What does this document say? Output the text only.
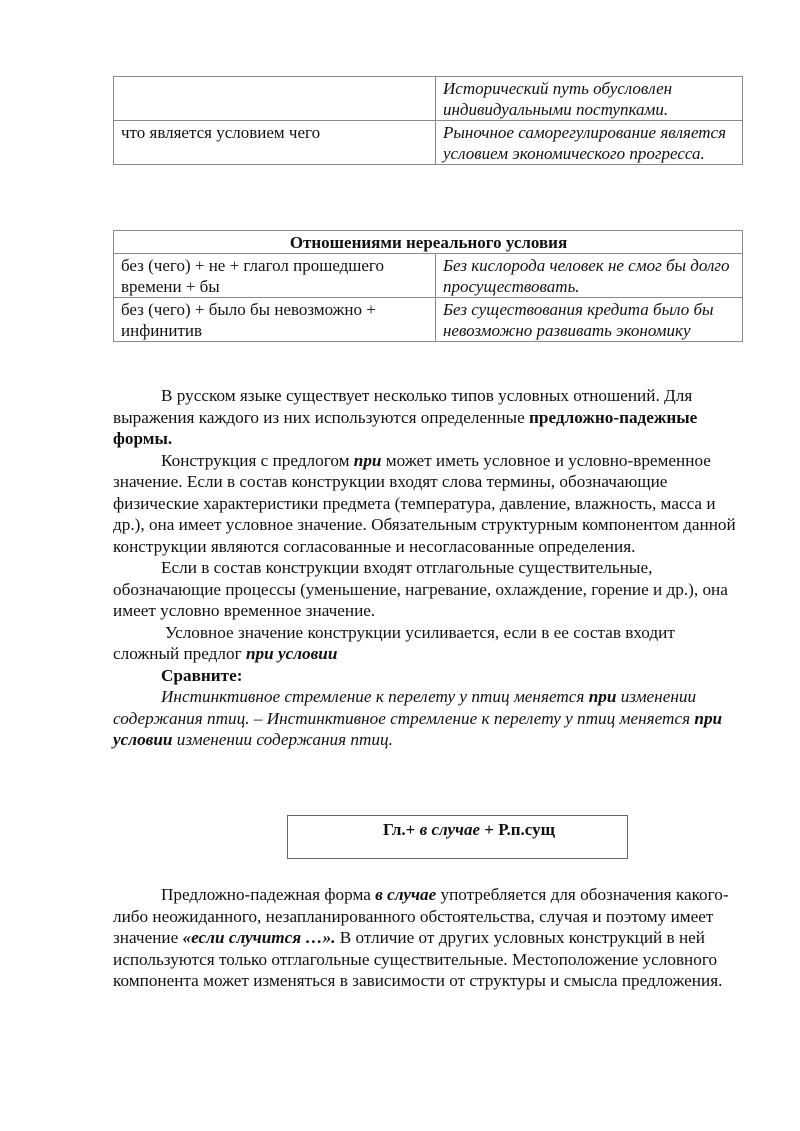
	Исторический путь обусловлен индивидуальными поступками.
что является условием чего	Рыночное саморегулирование является условием экономического прогресса.
Отношениями нереального условия	
без (чего) + не + глагол прошедшего времени + бы	Без кислорода человек не смог бы долго просуществовать.
без (чего) + было бы невозможно + инфинитив	Без существования кредита было бы невозможно развивать экономику

В русском языке существует несколько типов условных отношений. Для выражения каждого из них используются определенные предложно-падежные формы.

Конструкция с предлогом при может иметь условное и условно-временное значение. Если в состав конструкции входят слова термины, обозначающие физические характеристики предмета (температура, давление, влажность, масса и др.), она имеет условное значение. Обязательным структурным компонентом данной конструкции являются согласованные и несогласованные определения.

Если в состав конструкции входят отглагольные существительные, обозначающие процессы (уменьшение, нагревание, охлаждение, горение и др.), она имеет условно временное значение.

Условное значение конструкции усиливается, если в ее состав входит сложный предлог при условии

Сравните:

Инстинктивное стремление к перелету у птиц меняется при изменении содержания птиц. – Инстинктивное стремление к перелету у птиц меняется при условии изменении содержания птиц.

Гл.+ в случае + Р.п.сущ

Предложно-падежная форма в случае употребляется для обозначения какого-либо неожиданного, незапланированного обстоятельства, случая и поэтому имеет значение «если случится …». В отличие от других условных конструкций в ней используются только отглагольные существительные. Местоположение условного компонента может изменяться в зависимости от структуры и смысла предложения.
